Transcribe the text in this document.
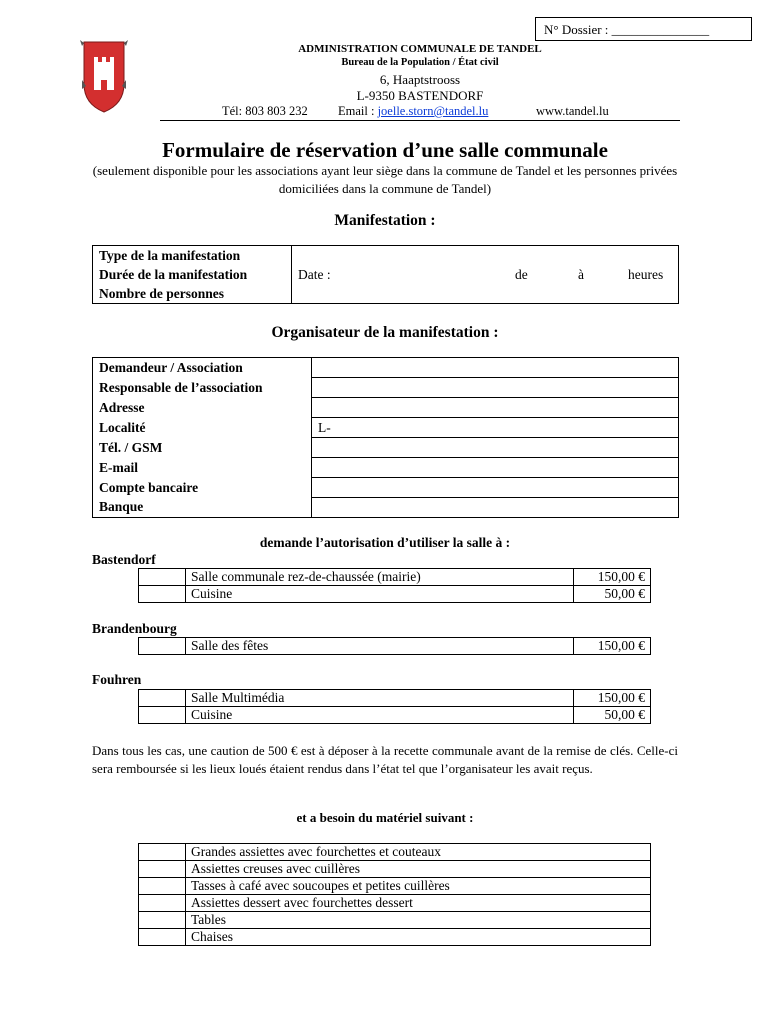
N° Dossier : _______________
ADMINISTRATION COMMUNALE DE TANDEL
Bureau de la Population / État civil
6, Haaptstrooss
L-9350 BASTENDORF
Tél: 803 803 232 Email : joelle.storn@tandel.lu	www.tandel.lu
Formulaire de réservation d’une salle communale
(seulement disponible pour les associations ayant leur siège dans la commune de Tandel et les personnes privées domiciliées dans la commune de Tandel)
Manifestation :
Type de la manifestation	
Durée de la manifestation	Date : de à heures

Nombre de personnes	
Organisateur de la manifestation :
Demandeur / Association	
Responsable de l’association	
Adresse	
Localité	L-
Tél. / GSM	
E-mail	
Compte bancaire	
Banque	
demande l’autorisation d’utiliser la salle à :
Bastendorf
	Salle communale rez-de-chaussée (mairie)	150,00 €
	Cuisine	50,00 €
Brandenbourg
	Salle des fêtes	150,00 €
Fouhren
	Salle Multimédia	150,00 €
	Cuisine	50,00 €
Dans tous les cas, une caution de 500 € est à déposer à la recette communale avant de la remise de clés. Celle-ci sera remboursée si les lieux loués étaient rendus dans l’état tel que l’organisateur les avait reçus.
et a besoin du matériel suivant :
	Grandes assiettes avec fourchettes et couteaux
	Assiettes creuses avec cuillères
	Tasses à café avec soucoupes et petites cuillères
	Assiettes dessert avec fourchettes dessert
	Tables
	Chaises
